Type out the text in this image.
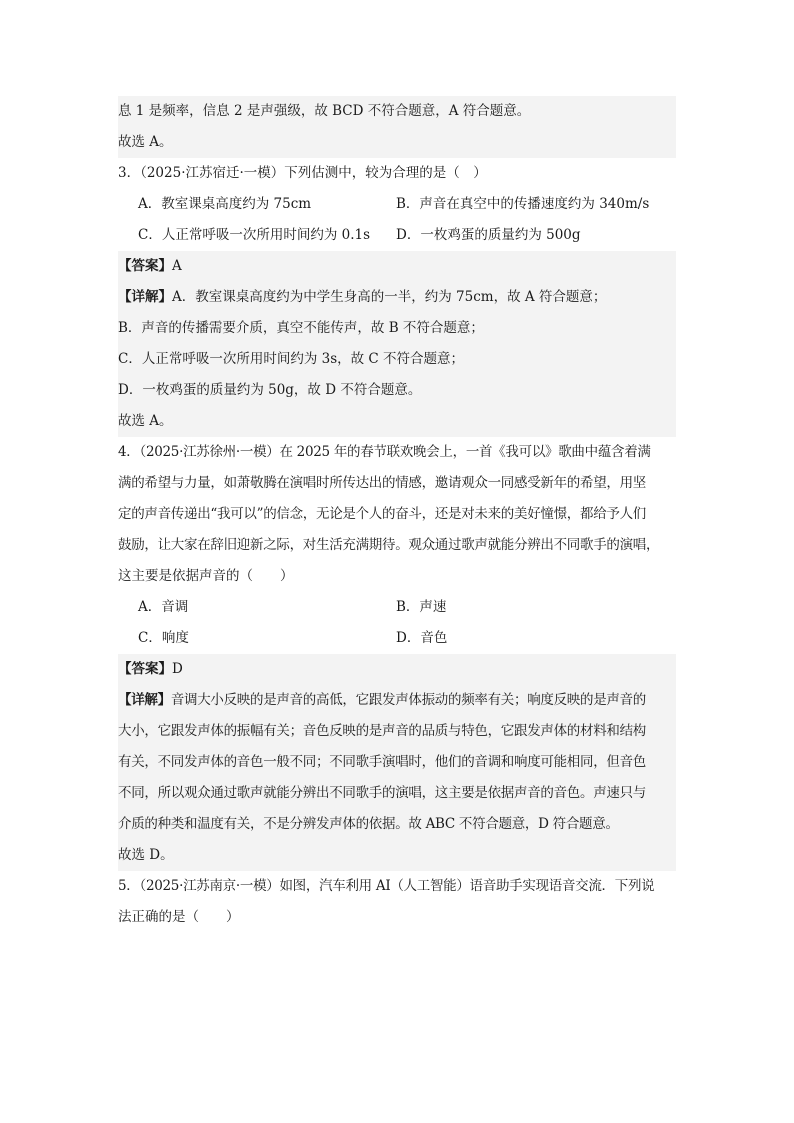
息 1 是频率，信息 2 是声强级，故 BCD 不符合题意，A 符合题意。
故选 A。
3．（2025·江苏宿迁·一模）下列估测中，较为合理的是（　）
A．教室课桌高度约为 75cm	B．声音在真空中的传播速度约为 340m/s
C．人正常呼吸一次所用时间约为 0.1s	D．一枚鸡蛋的质量约为 500g
【答案】A
【详解】A．教室课桌高度约为中学生身高的一半，约为 75cm，故 A 符合题意；
B．声音的传播需要介质，真空不能传声，故 B 不符合题意；
C．人正常呼吸一次所用时间约为 3s，故 C 不符合题意；
D．一枚鸡蛋的质量约为 50g，故 D 不符合题意。
故选 A。
4．（2025·江苏徐州·一模）在 2025 年的春节联欢晚会上，一首《我可以》歌曲中蕴含着满
满的希望与力量，如萧敬腾在演唱时所传达出的情感，邀请观众一同感受新年的希望，用坚
定的声音传递出“我可以”的信念，无论是个人的奋斗，还是对未来的美好憧憬，都给予人们
鼓励，让大家在辞旧迎新之际，对生活充满期待。观众通过歌声就能分辨出不同歌手的演唱，
这主要是依据声音的（　　）
A．音调	B．声速
C．响度	D．音色
【答案】D
【详解】音调大小反映的是声音的高低，它跟发声体振动的频率有关；响度反映的是声音的
大小，它跟发声体的振幅有关；音色反映的是声音的品质与特色，它跟发声体的材料和结构
有关，不同发声体的音色一般不同；不同歌手演唱时，他们的音调和响度可能相同，但音色
不同，所以观众通过歌声就能分辨出不同歌手的演唱，这主要是依据声音的音色。声速只与
介质的种类和温度有关，不是分辨发声体的依据。故 ABC 不符合题意，D 符合题意。
故选 D。
5．（2025·江苏南京·一模）如图，汽车利用 AI（人工智能）语音助手实现语音交流．下列说
法正确的是（　　）
